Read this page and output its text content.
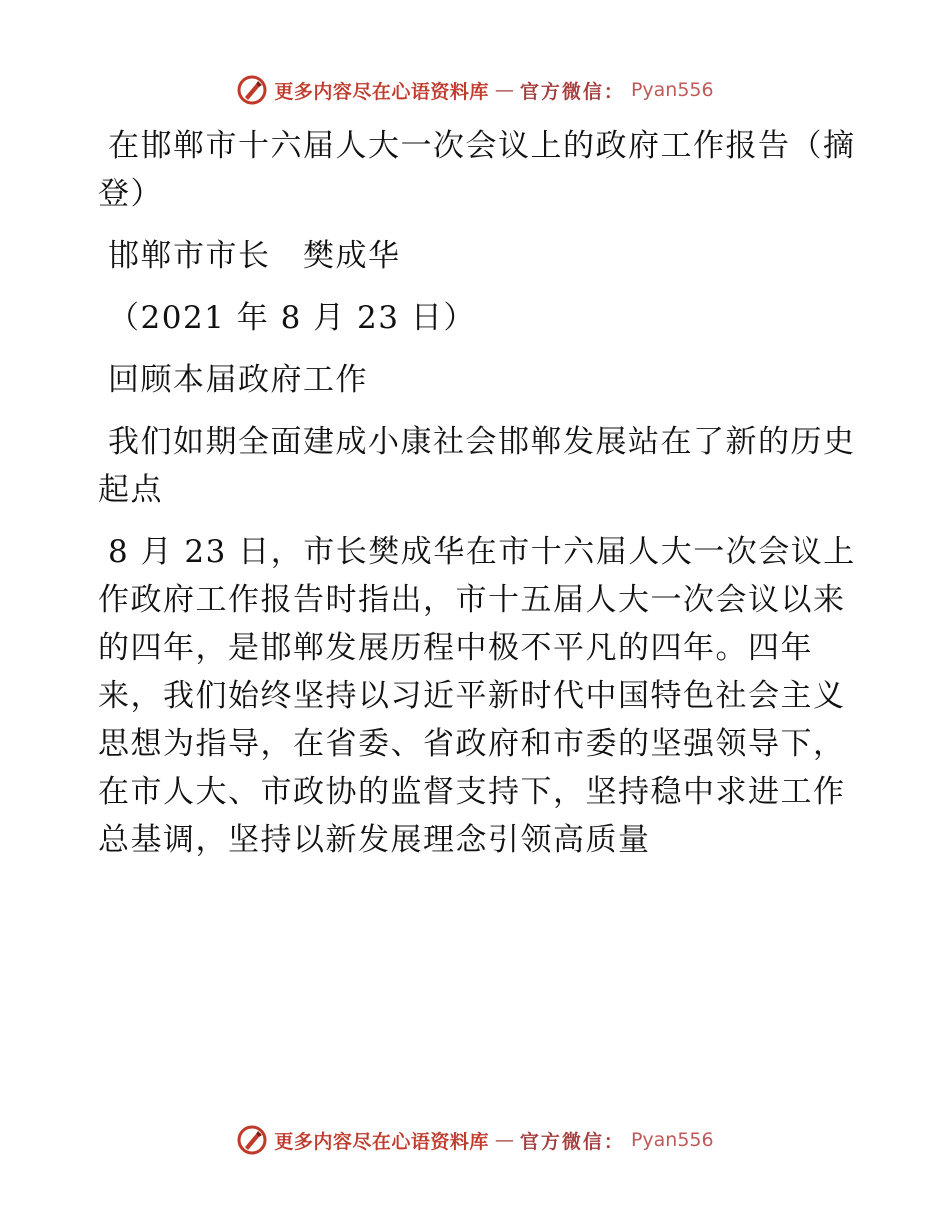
更多内容尽在心语资料库 — 官方微信： Pyan556

在邯郸市十六届人大一次会议上的政府工作报告（摘登）

邯郸市市长　樊成华

（2021 年 8 月 23 日）

回顾本届政府工作

我们如期全面建成小康社会邯郸发展站在了新的历史起点

8 月 23 日，市长樊成华在市十六届人大一次会议上作政府工作报告时指出，市十五届人大一次会议以来的四年，是邯郸发展历程中极不平凡的四年。四年来，我们始终坚持以习近平新时代中国特色社会主义思想为指导，在省委、省政府和市委的坚强领导下，在市人大、市政协的监督支持下，坚持稳中求进工作总基调，坚持以新发展理念引领高质量

更多内容尽在心语资料库 — 官方微信： Pyan556
